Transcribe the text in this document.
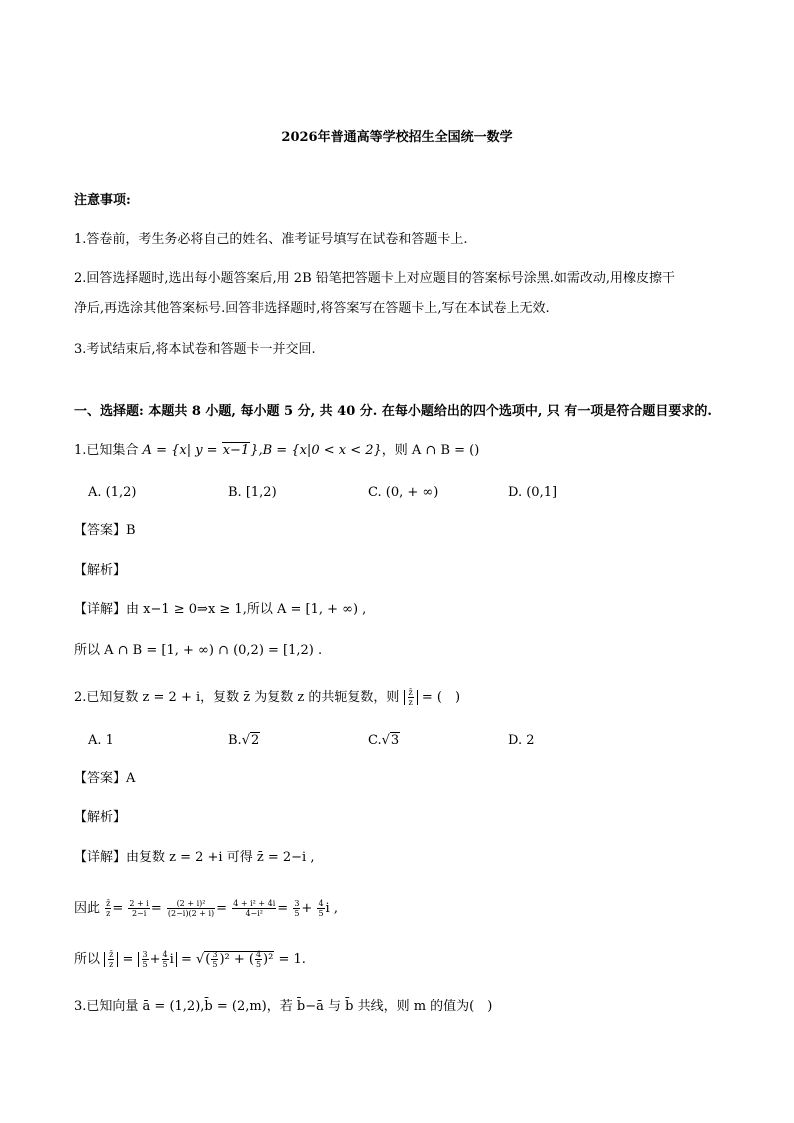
2026年普通高等学校招生全国统一数学
注意事项:
1.答卷前，考生务必将自己的姓名、准考证号填写在试卷和答题卡上.
2.回答选择题时,选出每小题答案后,用 2B 铅笔把答题卡上对应题目的答案标号涂黑.如需改动,用橡皮擦干
净后,再选涂其他答案标号.回答非选择题时,将答案写在答题卡上,写在本试卷上无效.
3.考试结束后,将本试卷和答题卡一并交回.
一、选择题: 本题共 8 小题, 每小题 5 分, 共 40 分. 在每小题给出的四个选项中, 只 有一项是符合题目要求的.
1.已知集合 A = {x| y = x−1},B = {x|0 < x < 2}，则 A ∩ B = ()
A. (1,2)	B. [1,2)	C. (0, + ∞)	D. (0,1]
【答案】B
【解析】
【详解】由 x−1 ≥ 0⇒x ≥ 1,所以 A = [1, + ∞) ,
所以 A ∩ B = [1, + ∞) ∩ (0,2) = [1,2) .
2.已知复数 z = 2 + i，复数 z̄ 为复数 z 的共轭复数，则 $\frac{z̄}{z}$ = (　)
A. 1	B.√2	C.√3	D. 2
【答案】A
【解析】
【详解】由复数 z = 2 +i 可得 z̄ = 2−i ,
因此 $\frac{z̄}{z} = \frac{2 + i}{2-i} = \frac{\text{(2 + i)²}}{(2-i)(2 + i)} = \frac{\text{4 + i² + 4i}}{\text{4−i²}} = \frac{3}{5} + \frac{4}{5}$ i ,
所以 $\frac{z̄}{z} = \frac{3}{5} + \frac{4}{5}$ i = √( $\frac{3}{5} )^2$ + ( $\frac{4}{5} )^2 = 1$.
3.已知向量 ā = (1,2),b̄ = (2,m)，若 b̄−ā 与 b̄ 共线，则 m 的值为(　)
